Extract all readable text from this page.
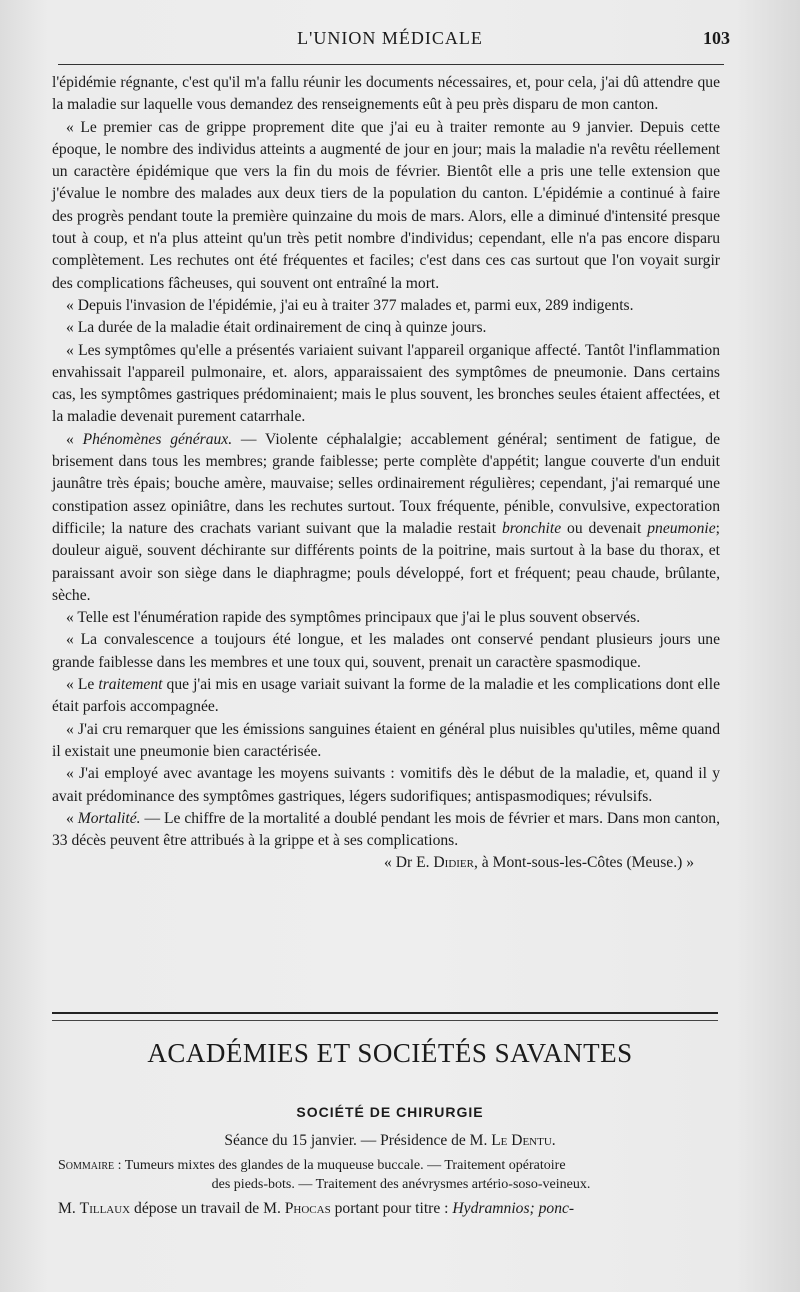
L'UNION MÉDICALE	103

l'épidémie régnante, c'est qu'il m'a fallu réunir les documents nécessaires, et, pour cela, j'ai dû attendre que la maladie sur laquelle vous demandez des renseignements eût à peu près disparu de mon canton.

« Le premier cas de grippe proprement dite que j'ai eu à traiter remonte au 9 janvier. Depuis cette époque, le nombre des individus atteints a augmenté de jour en jour; mais la maladie n'a revêtu réellement un caractère épidémique que vers la fin du mois de février. Bientôt elle a pris une telle extension que j'évalue le nombre des malades aux deux tiers de la population du canton. L'épidémie a continué à faire des progrès pendant toute la première quinzaine du mois de mars. Alors, elle a diminué d'intensité presque tout à coup, et n'a plus atteint qu'un très petit nombre d'individus; cependant, elle n'a pas encore disparu complètement. Les rechutes ont été fréquentes et faciles; c'est dans ces cas surtout que l'on voyait surgir des complications fâcheuses, qui souvent ont entraîné la mort.

« Depuis l'invasion de l'épidémie, j'ai eu à traiter 377 malades et, parmi eux, 289 indigents.

« La durée de la maladie était ordinairement de cinq à quinze jours.

« Les symptômes qu'elle a présentés variaient suivant l'appareil organique affecté. Tantôt l'inflammation envahissait l'appareil pulmonaire, et. alors, apparaissaient des symptômes de pneumonie. Dans certains cas, les symptômes gastriques prédominaient; mais le plus souvent, les bronches seules étaient affectées, et la maladie devenait purement catarrhale.

« Phénomènes généraux. — Violente céphalalgie; accablement général; sentiment de fatigue, de brisement dans tous les membres; grande faiblesse; perte complète d'appétit; langue couverte d'un enduit jaunâtre très épais; bouche amère, mauvaise; selles ordinairement régulières; cependant, j'ai remarqué une constipation assez opiniâtre, dans les rechutes surtout. Toux fréquente, pénible, convulsive, expectoration difficile; la nature des crachats variant suivant que la maladie restait bronchite ou devenait pneumonie; douleur aiguë, souvent déchirante sur différents points de la poitrine, mais surtout à la base du thorax, et paraissant avoir son siège dans le diaphragme; pouls développé, fort et fréquent; peau chaude, brûlante, sèche.

« Telle est l'énumération rapide des symptômes principaux que j'ai le plus souvent observés.

« La convalescence a toujours été longue, et les malades ont conservé pendant plusieurs jours une grande faiblesse dans les membres et une toux qui, souvent, prenait un caractère spasmodique.

« Le traitement que j'ai mis en usage variait suivant la forme de la maladie et les complications dont elle était parfois accompagnée.

« J'ai cru remarquer que les émissions sanguines étaient en général plus nuisibles qu'utiles, même quand il existait une pneumonie bien caractérisée.

« J'ai employé avec avantage les moyens suivants : vomitifs dès le début de la maladie, et, quand il y avait prédominance des symptômes gastriques, légers sudorifiques; antispasmodiques; révulsifs.

« Mortalité. — Le chiffre de la mortalité a doublé pendant les mois de février et mars. Dans mon canton, 33 décès peuvent être attribués à la grippe et à ses complications.

« Dr E. Didier, à Mont-sous-les-Côtes (Meuse.) »

ACADÉMIES ET SOCIÉTÉS SAVANTES
SOCIÉTÉ DE CHIRURGIE
Séance du 15 janvier. — Présidence de M. Le Dentu.
Sommaire : Tumeurs mixtes des glandes de la muqueuse buccale. — Traitement opératoire
des pieds-bots. — Traitement des anévrysmes artério-soso-veineux.
M. Tillaux dépose un travail de M. Phocas portant pour titre : Hydramnios; ponc-
